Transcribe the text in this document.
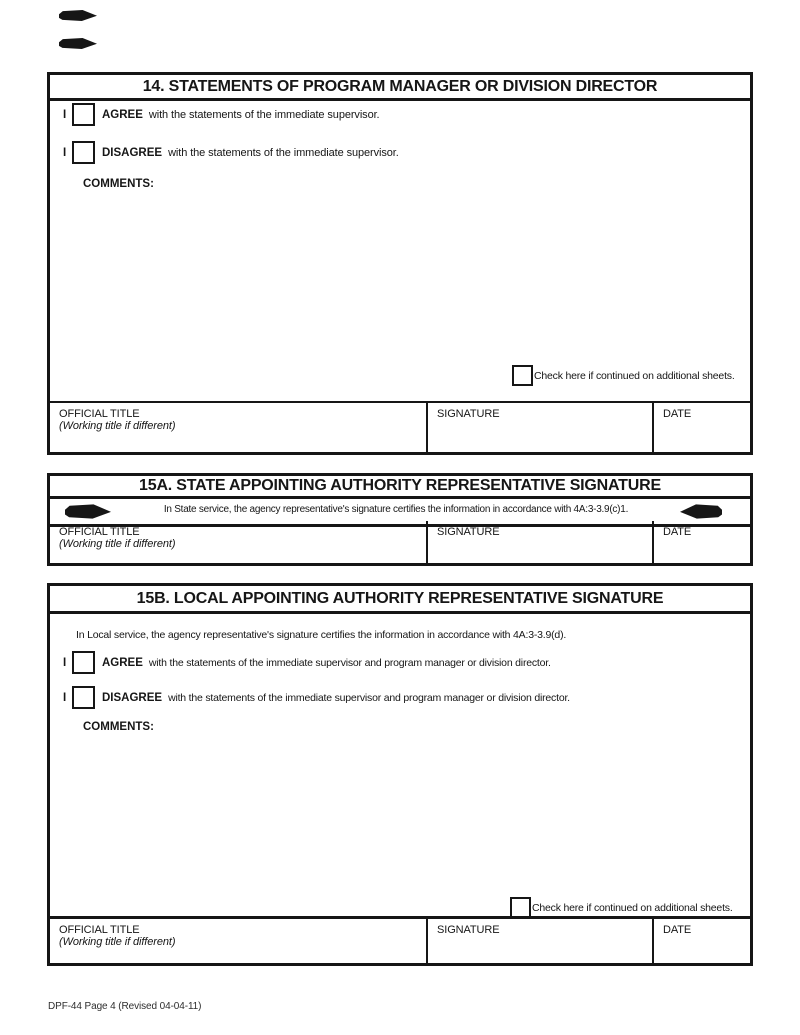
14. STATEMENTS OF PROGRAM MANAGER OR DIVISION DIRECTOR
I	AGREE with the statements of the immediate supervisor.
I	DISAGREE with the statements of the immediate supervisor.
COMMENTS:
Check here if continued on additional sheets.
OFFICIAL TITLE
(Working title if different)
SIGNATURE	DATE
15A. STATE APPOINTING AUTHORITY REPRESENTATIVE SIGNATURE
In State service, the agency representative's signature certifies the information in accordance with 4A:3-3.9(c)1.
OFFICIAL TITLE
(Working title if different)
SIGNATURE	DATE
15B. LOCAL APPOINTING AUTHORITY REPRESENTATIVE SIGNATURE
In Local service, the agency representative's signature certifies the information in accordance with 4A:3-3.9(d).
I	AGREE with the statements of the immediate supervisor and program manager or division director.
I	DISAGREE with the statements of the immediate supervisor and program manager or division director.
COMMENTS:
Check here if continued on additional sheets.
OFFICIAL TITLE
(Working title if different)
SIGNATURE	DATE
DPF-44 Page 4 (Revised 04-04-11)
